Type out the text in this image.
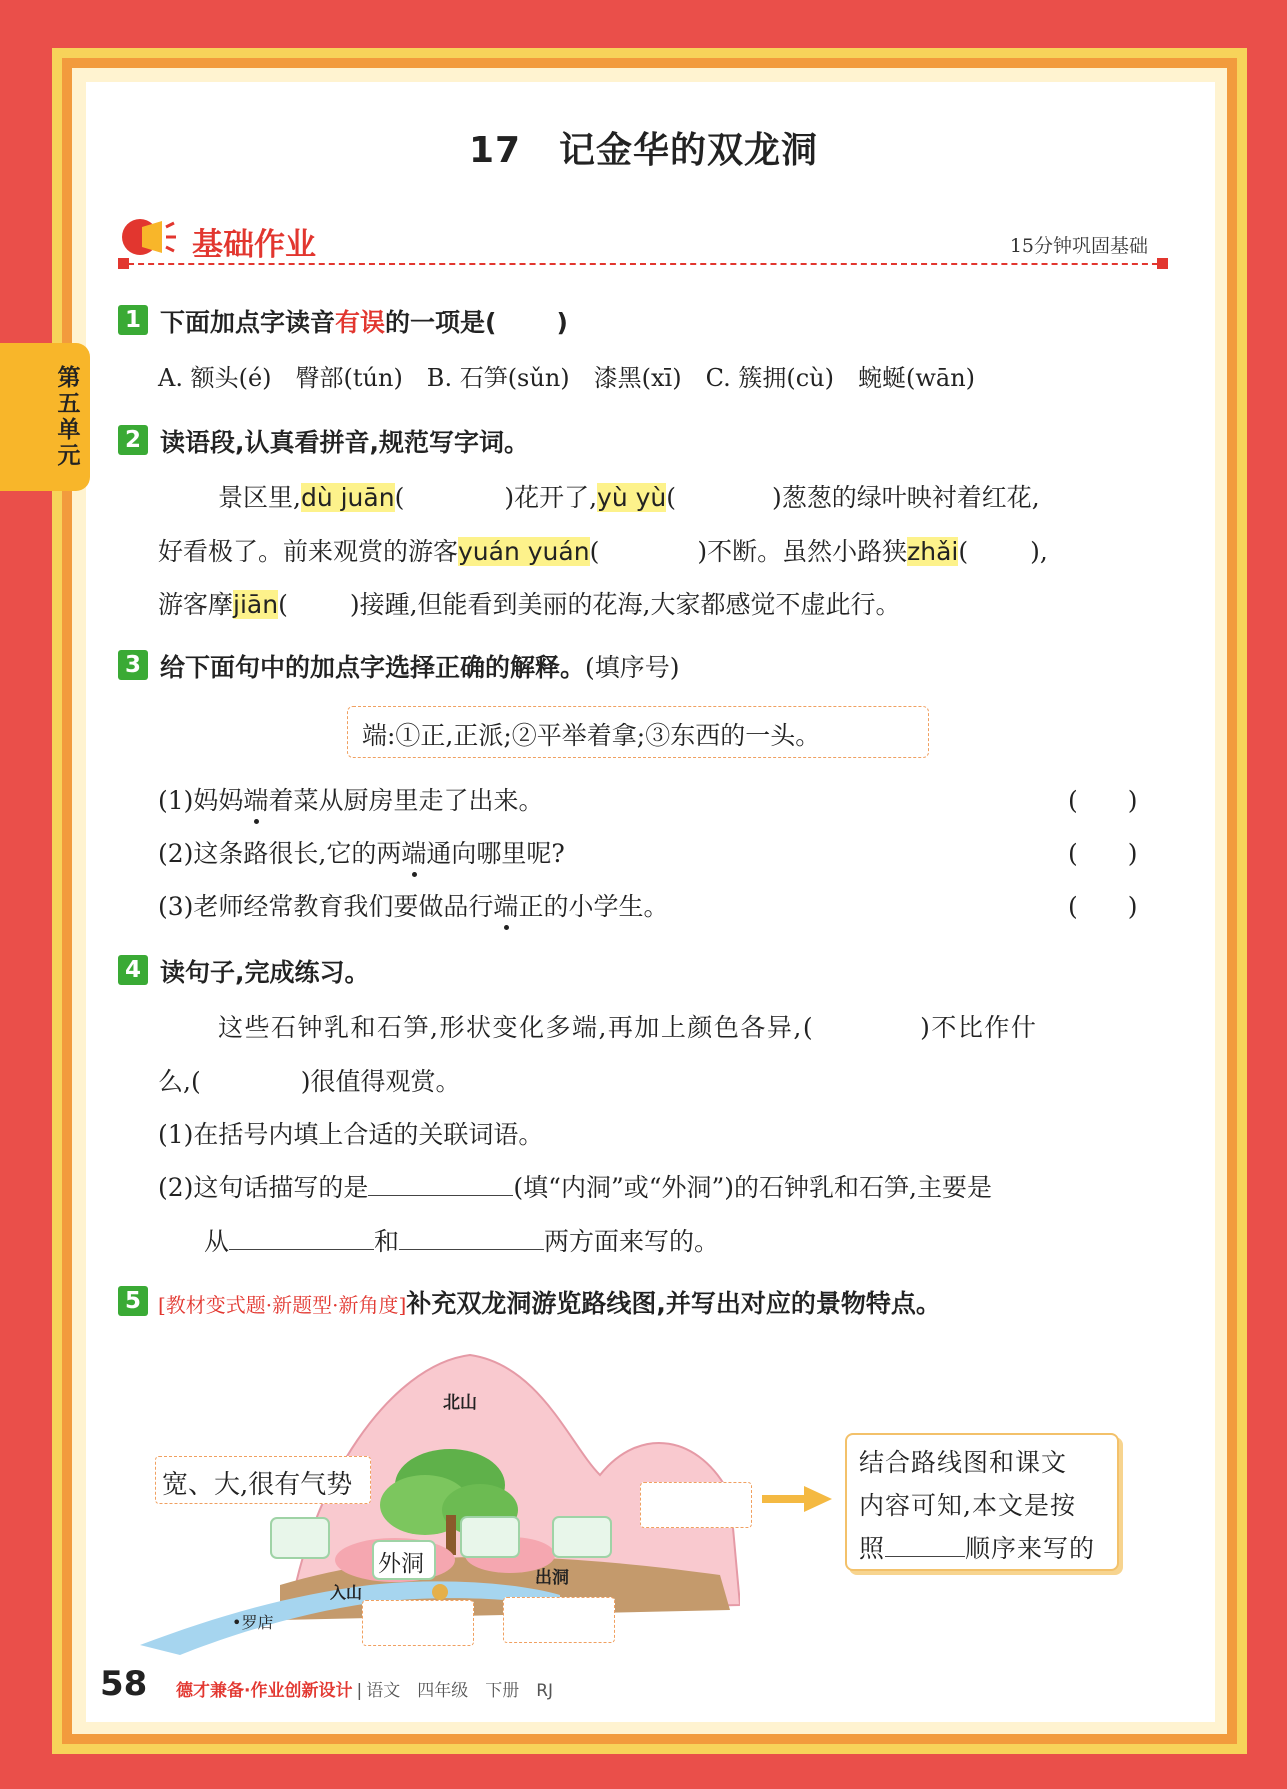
第五单元
17 记金华的双龙洞
基础作业	15分钟巩固基础
1 下面加点字读音有误的一项是( )
A. 额头(é)　臀部(tún)　B. 石笋(sǔn)　漆黑(xī)　C. 簇拥(cù)　蜿蜒(wān)
2 读语段,认真看拼音,规范写字词。
景区里,dù juān(	)花开了,yù yù(	)葱葱的绿叶映衬着红花,
好看极了。前来观赏的游客yuán yuán(	)不断。虽然小路狭zhǎi( ),
游客摩jiān( )接踵,但能看到美丽的花海,大家都感觉不虚此行。
3 给下面句中的加点字选择正确的解释。(填序号)
端:①正,正派;②平举着拿;③东西的一头。
(1)妈妈端着菜从厨房里走了出来。	(　　)
(2)这条路很长,它的两端通向哪里呢?	(　　)
(3)老师经常教育我们要做品行端正的小学生。	(　　)
4 读句子,完成练习。
这些石钟乳和石笋,形状变化多端,再加上颜色各异,(　　　　)不比作什
么,(　　　　)很值得观赏。
(1)在括号内填上合适的关联词语。
(2)这句话描写的是	(填“内洞”或“外洞”)的石钟乳和石笋,主要是
从	和	两方面来写的。
5 [教材变式题·新题型·新角度]补充双龙洞游览路线图,并写出对应的景物特点。
北山
宽、大,很有气势
外洞
出洞
入山
•罗店
结合路线图和课文
内容可知,本文是按
照	顺序来写的
58 德才兼备·作业创新设计 | 语文　四年级　下册　RJ
